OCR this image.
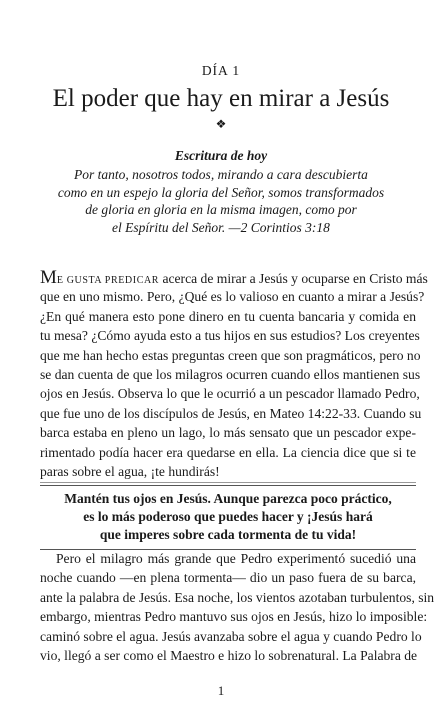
DÍA 1
El poder que hay en mirar a Jesús
❖
Escritura de hoy
Por tanto, nosotros todos, mirando a cara descubierta
como en un espejo la gloria del Señor, somos transformados
de gloria en gloria en la misma imagen, como por
el Espíritu del Señor. —2 Corintios 3:18
ME GUSTA PREDICAR acerca de mirar a Jesús y ocuparse en Cristo más
que en uno mismo. Pero, ¿Qué es lo valioso en cuanto a mirar a Jesús?
¿En qué manera esto pone dinero en tu cuenta bancaria y comida en
tu mesa? ¿Cómo ayuda esto a tus hijos en sus estudios? Los creyentes
que me han hecho estas preguntas creen que son pragmáticos, pero no
se dan cuenta de que los milagros ocurren cuando ellos mantienen sus
ojos en Jesús. Observa lo que le ocurrió a un pescador llamado Pedro,
que fue uno de los discípulos de Jesús, en Mateo 14:22-33. Cuando su
barca estaba en pleno un lago, lo más sensato que un pescador expe-
rimentado podía hacer era quedarse en ella. La ciencia dice que si te
paras sobre el agua, ¡te hundirás!
Mantén tus ojos en Jesús. Aunque parezca poco práctico,
es lo más poderoso que puedes hacer y ¡Jesús hará
que imperes sobre cada tormenta de tu vida!
Pero el milagro más grande que Pedro experimentó sucedió una
noche cuando —en plena tormenta— dio un paso fuera de su barca,
ante la palabra de Jesús. Esa noche, los vientos azotaban turbulentos, sin
embargo, mientras Pedro mantuvo sus ojos en Jesús, hizo lo imposible:
caminó sobre el agua. Jesús avanzaba sobre el agua y cuando Pedro lo
vio, llegó a ser como el Maestro e hizo lo sobrenatural. La Palabra de
1
